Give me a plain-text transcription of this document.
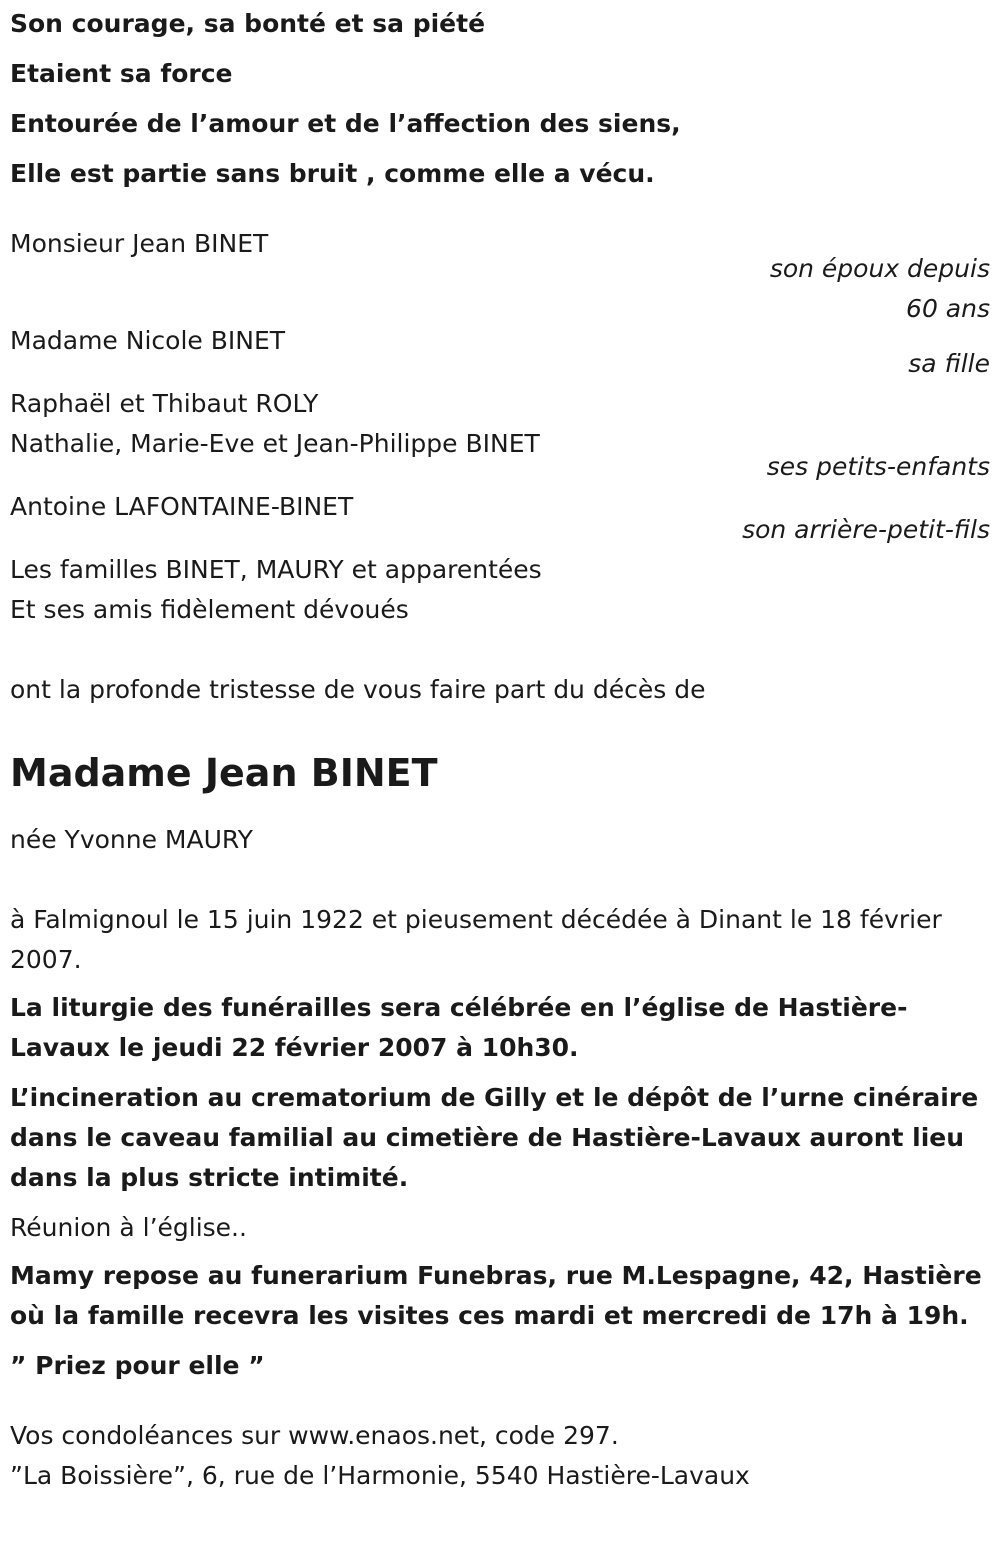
Son courage, sa bonté et sa piété

Etaient sa force

Entourée de l’amour et de l’affection des siens,

Elle est partie sans bruit , comme elle a vécu.

Monsieur Jean BINET
son époux depuis
60 ans
Madame Nicole BINET
sa fille
Raphaël et Thibaut ROLY
Nathalie, Marie-Eve et Jean-Philippe BINET
ses petits-enfants
Antoine LAFONTAINE-BINET
son arrière-petit-fils
Les familles BINET, MAURY et apparentées
Et ses amis fidèlement dévoués

ont la profonde tristesse de vous faire part du décès de

Madame Jean BINET

née Yvonne MAURY

à Falmignoul le 15 juin 1922 et pieusement décédée à Dinant le 18 février 2007.

La liturgie des funérailles sera célébrée en l’église de Hastière-Lavaux le jeudi 22 février 2007 à 10h30.

L’incineration au crematorium de Gilly et le dépôt de l’urne cinéraire dans le caveau familial au cimetière de Hastière-Lavaux auront lieu dans la plus stricte intimité.

Réunion à l’église..

Mamy repose au funerarium Funebras, rue M.Lespagne, 42, Hastière où la famille recevra les visites ces mardi et mercredi de 17h à 19h.

” Priez pour elle ”

Vos condoléances sur www.enaos.net, code 297.

”La Boissière”, 6, rue de l’Harmonie, 5540 Hastière-Lavaux
